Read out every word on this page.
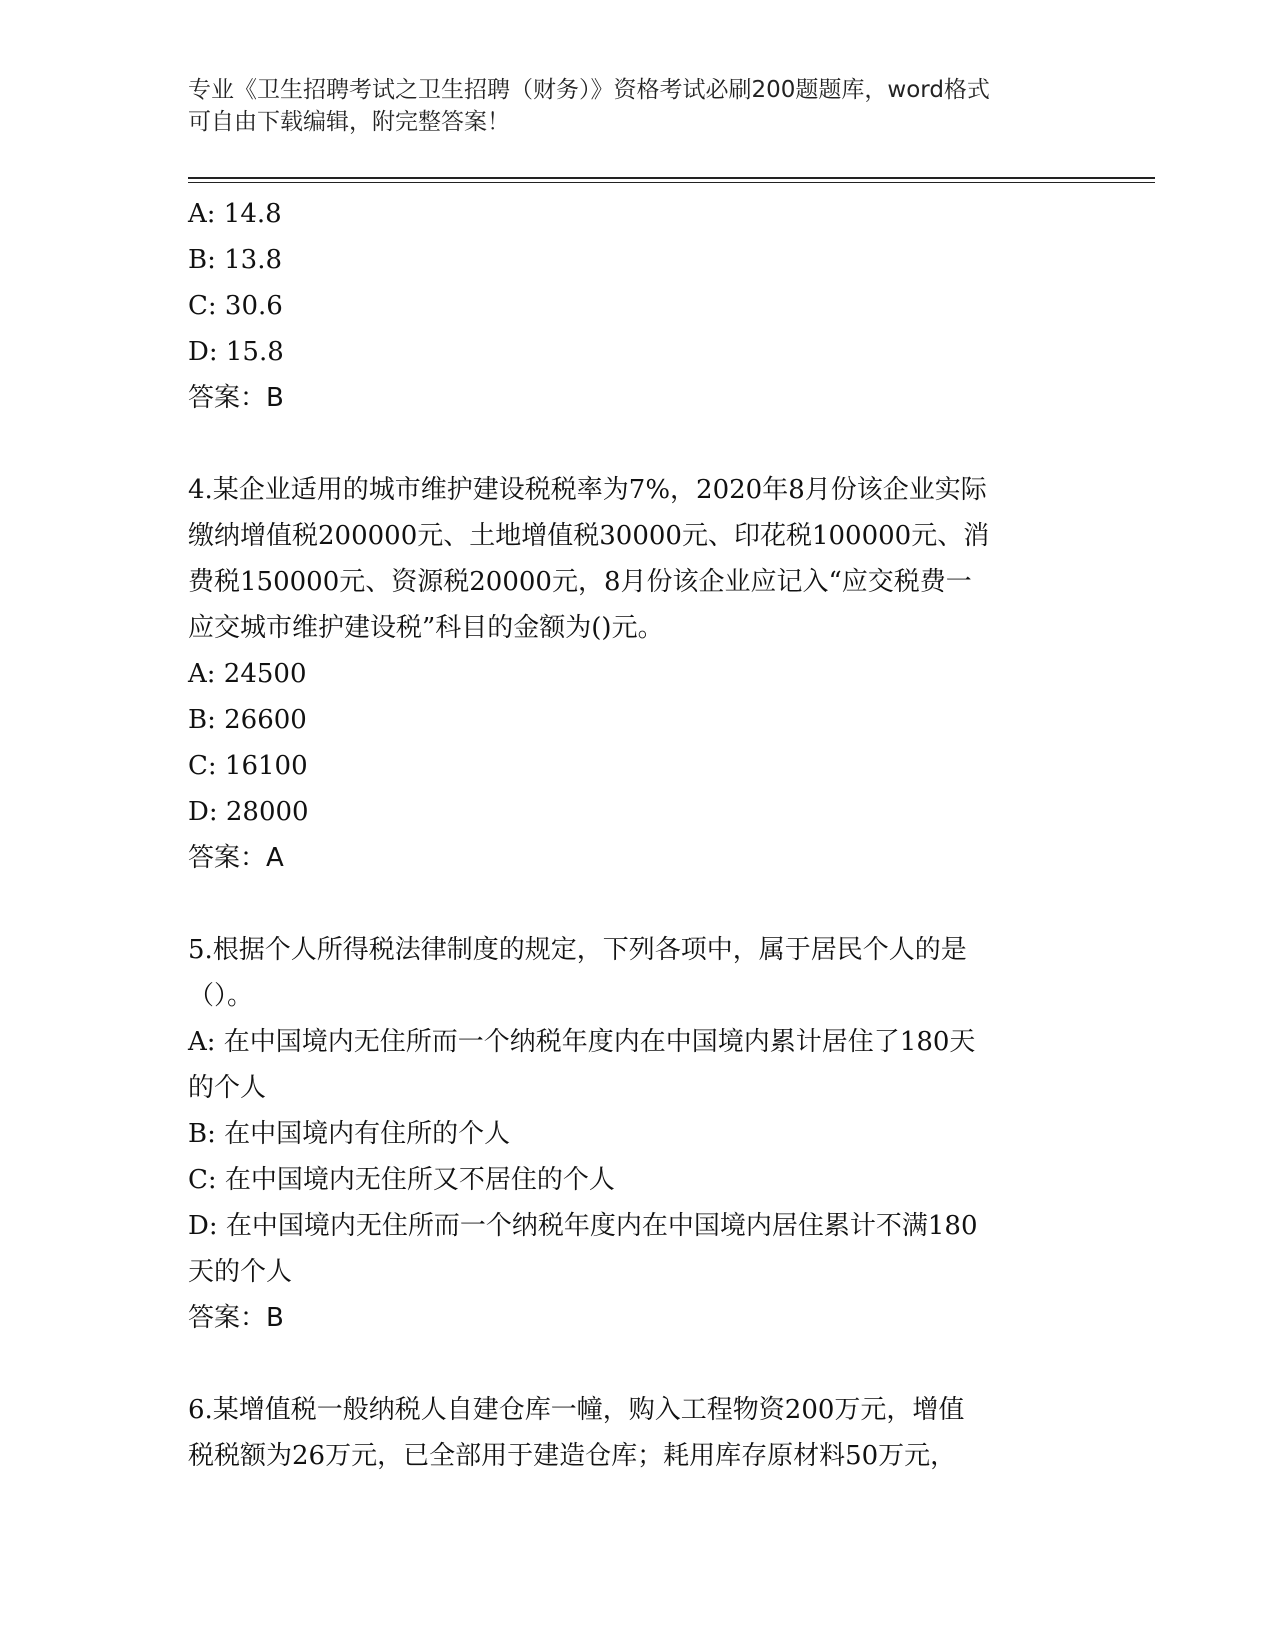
专业《卫生招聘考试之卫生招聘（财务）》资格考试必刷200题题库，word格式
可自由下载编辑，附完整答案！
A: 14.8
B: 13.8
C: 30.6
D: 15.8
答案：B
4.某企业适用的城市维护建设税税率为7%，2020年8月份该企业实际
缴纳增值税200000元、土地增值税30000元、印花税100000元、消
费税150000元、资源税20000元，8月份该企业应记入“应交税费一
应交城市维护建设税”科目的金额为()元。
A: 24500
B: 26600
C: 16100
D: 28000
答案：A
5.根据个人所得税法律制度的规定，下列各项中，属于居民个人的是
（）。
A: 在中国境内无住所而一个纳税年度内在中国境内累计居住了180天
的个人
B: 在中国境内有住所的个人
C: 在中国境内无住所又不居住的个人
D: 在中国境内无住所而一个纳税年度内在中国境内居住累计不满180
天的个人
答案：B
6.某增值税一般纳税人自建仓库一幢，购入工程物资200万元，增值
税税额为26万元，已全部用于建造仓库；耗用库存原材料50万元，
